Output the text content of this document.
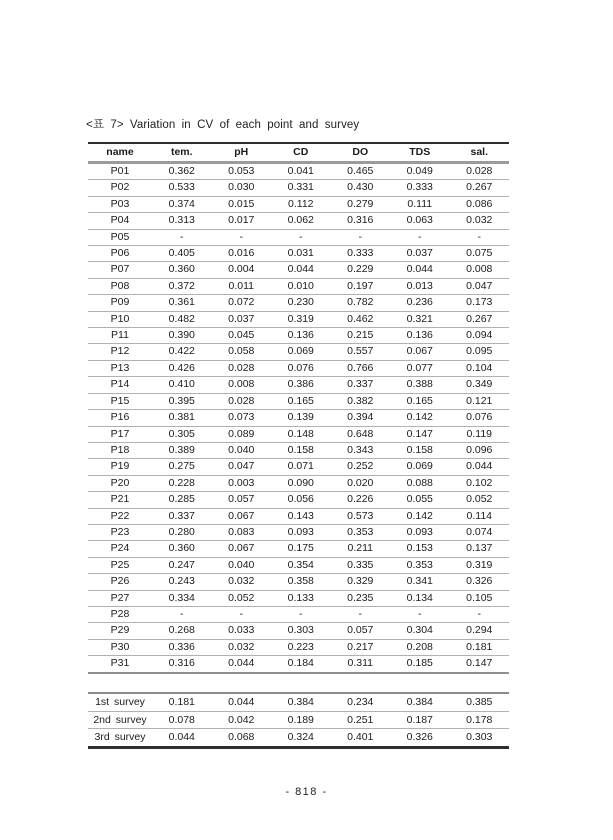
<표 7> Variation in CV of each point and survey
name	tem.	pH	CD	DO	TDS	sal.
P01	0.362	0.053	0.041	0.465	0.049	0.028
P02	0.533	0.030	0.331	0.430	0.333	0.267
P03	0.374	0.015	0.112	0.279	0.111	0.086
P04	0.313	0.017	0.062	0.316	0.063	0.032
P05	-	-	-	-	-	-
P06	0.405	0.016	0.031	0.333	0.037	0.075
P07	0.360	0.004	0.044	0.229	0.044	0.008
P08	0.372	0.011	0.010	0.197	0.013	0.047
P09	0.361	0.072	0.230	0.782	0.236	0.173
P10	0.482	0.037	0.319	0.462	0.321	0.267
P11	0.390	0.045	0.136	0.215	0.136	0.094
P12	0.422	0.058	0.069	0.557	0.067	0.095
P13	0.426	0.028	0.076	0.766	0.077	0.104
P14	0.410	0.008	0.386	0.337	0.388	0.349
P15	0.395	0.028	0.165	0.382	0.165	0.121
P16	0.381	0.073	0.139	0.394	0.142	0.076
P17	0.305	0.089	0.148	0.648	0.147	0.119
P18	0.389	0.040	0.158	0.343	0.158	0.096
P19	0.275	0.047	0.071	0.252	0.069	0.044
P20	0.228	0.003	0.090	0.020	0.088	0.102
P21	0.285	0.057	0.056	0.226	0.055	0.052
P22	0.337	0.067	0.143	0.573	0.142	0.114
P23	0.280	0.083	0.093	0.353	0.093	0.074
P24	0.360	0.067	0.175	0.211	0.153	0.137
P25	0.247	0.040	0.354	0.335	0.353	0.319
P26	0.243	0.032	0.358	0.329	0.341	0.326
P27	0.334	0.052	0.133	0.235	0.134	0.105
P28	-	-	-	-	-	-
P29	0.268	0.033	0.303	0.057	0.304	0.294
P30	0.336	0.032	0.223	0.217	0.208	0.181
P31	0.316	0.044	0.184	0.311	0.185	0.147
1st survey	0.181	0.044	0.384	0.234	0.384	0.385
2nd survey	0.078	0.042	0.189	0.251	0.187	0.178
3rd survey	0.044	0.068	0.324	0.401	0.326	0.303
- 818 -
